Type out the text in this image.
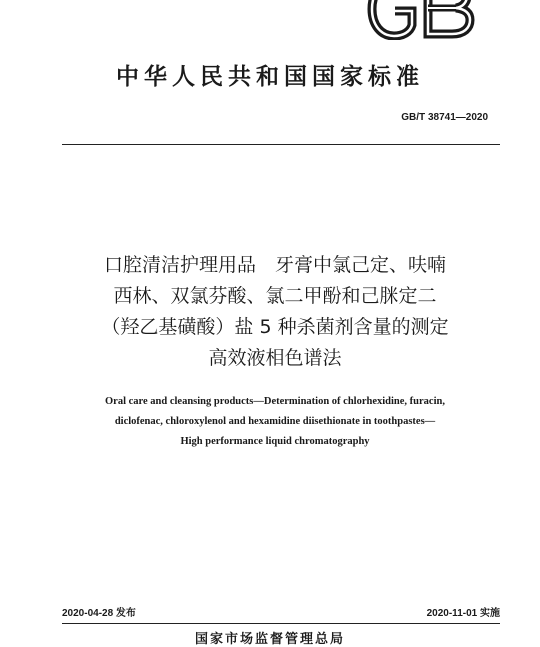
中华人民共和国国家标准
GB/T 38741—2020
口腔清洁护理用品　牙膏中氯己定、呋喃
西林、双氯芬酸、氯二甲酚和己脒定二
（羟乙基磺酸）盐 5 种杀菌剂含量的测定
高效液相色谱法
Oral care and cleansing products—Determination of chlorhexidine, furacin,
diclofenac, chloroxylenol and hexamidine diisethionate in toothpastes—
High performance liquid chromatography
2020-04-28 发布	2020-11-01 实施
国家市场监督管理总局
